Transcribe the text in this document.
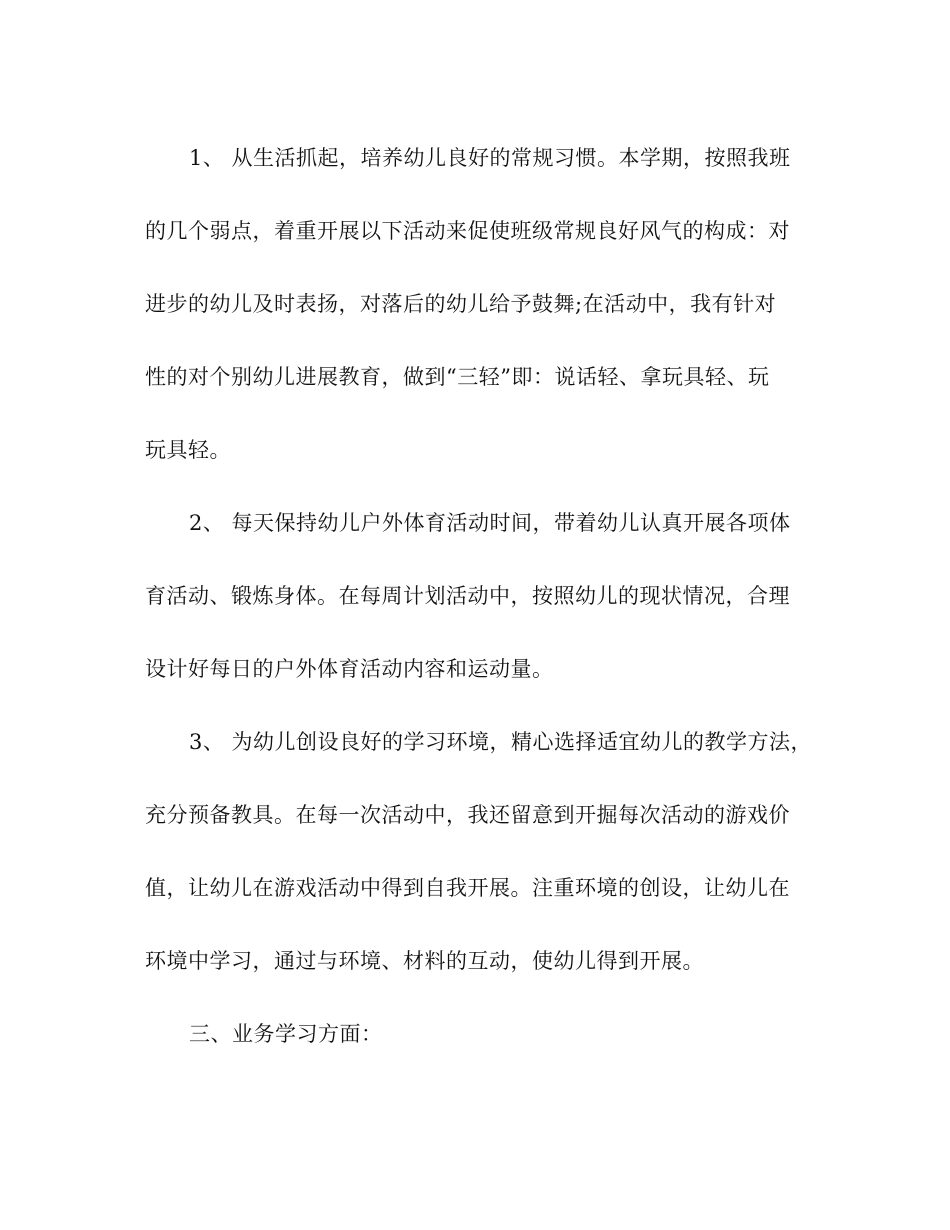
1、 从生活抓起，培养幼儿良好的常规习惯。本学期，按照我班
的几个弱点，着重开展以下活动来促使班级常规良好风气的构成：对
进步的幼儿及时表扬，对落后的幼儿给予鼓舞;在活动中，我有针对
性的对个别幼儿进展教育，做到“三轻”即：说话轻、拿玩具轻、玩
玩具轻。
2、 每天保持幼儿户外体育活动时间，带着幼儿认真开展各项体
育活动、锻炼身体。在每周计划活动中，按照幼儿的现状情况，合理
设计好每日的户外体育活动内容和运动量。
3、 为幼儿创设良好的学习环境，精心选择适宜幼儿的教学方法，
充分预备教具。在每一次活动中，我还留意到开掘每次活动的游戏价
值，让幼儿在游戏活动中得到自我开展。注重环境的创设，让幼儿在
环境中学习，通过与环境、材料的互动，使幼儿得到开展。
三、业务学习方面：
